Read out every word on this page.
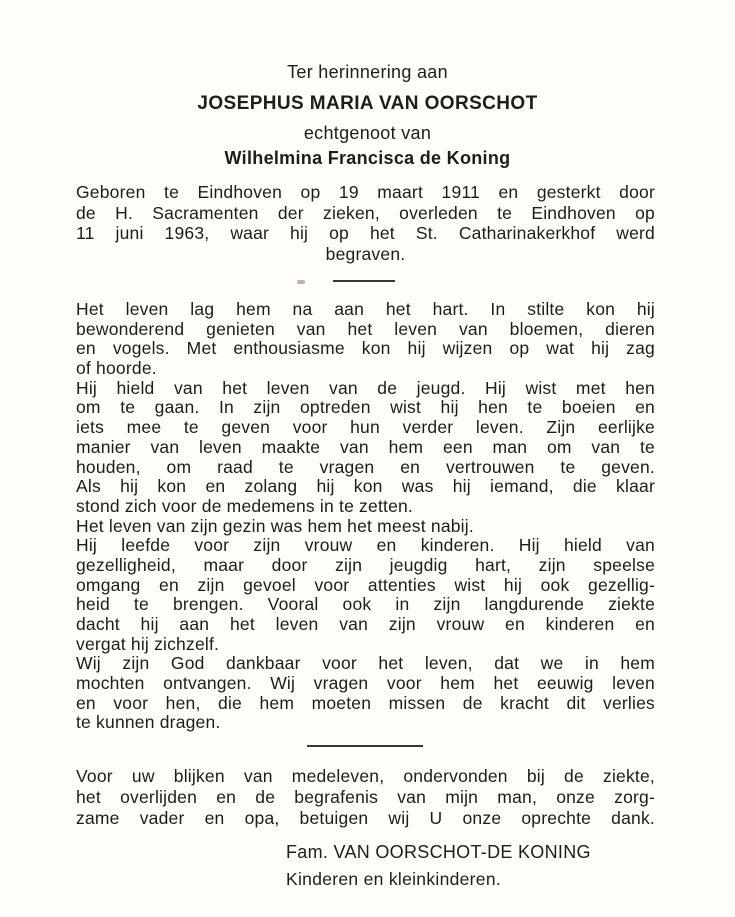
Ter herinnering aan
JOSEPHUS MARIA VAN OORSCHOT
echtgenoot van
Wilhelmina Francisca de Koning
Geboren te Eindhoven op 19 maart 1911 en gesterkt door
de H. Sacramenten der zieken, overleden te Eindhoven op
11 juni 1963, waar hij op het St. Catharinakerkhof werd
begraven.
Het leven lag hem na aan het hart. In stilte kon hij
bewonderend genieten van het leven van bloemen, dieren
en vogels. Met enthousiasme kon hij wijzen op wat hij zag
of hoorde.
Hij hield van het leven van de jeugd. Hij wist met hen
om te gaan. In zijn optreden wist hij hen te boeien en
iets mee te geven voor hun verder leven. Zijn eerlijke
manier van leven maakte van hem een man om van te
houden, om raad te vragen en vertrouwen te geven.
Als hij kon en zolang hij kon was hij iemand, die klaar
stond zich voor de medemens in te zetten.
Het leven van zijn gezin was hem het meest nabij.
Hij leefde voor zijn vrouw en kinderen. Hij hield van
gezelligheid, maar door zijn jeugdig hart, zijn speelse
omgang en zijn gevoel voor attenties wist hij ook gezellig-
heid te brengen. Vooral ook in zijn langdurende ziekte
dacht hij aan het leven van zijn vrouw en kinderen en
vergat hij zichzelf.
Wij zijn God dankbaar voor het leven, dat we in hem
mochten ontvangen. Wij vragen voor hem het eeuwig leven
en voor hen, die hem moeten missen de kracht dit verlies
te kunnen dragen.
Voor uw blijken van medeleven, ondervonden bij de ziekte,
het overlijden en de begrafenis van mijn man, onze zorg-
zame vader en opa, betuigen wij U onze oprechte dank.
Fam. VAN OORSCHOT-DE KONING
Kinderen en kleinkinderen.
